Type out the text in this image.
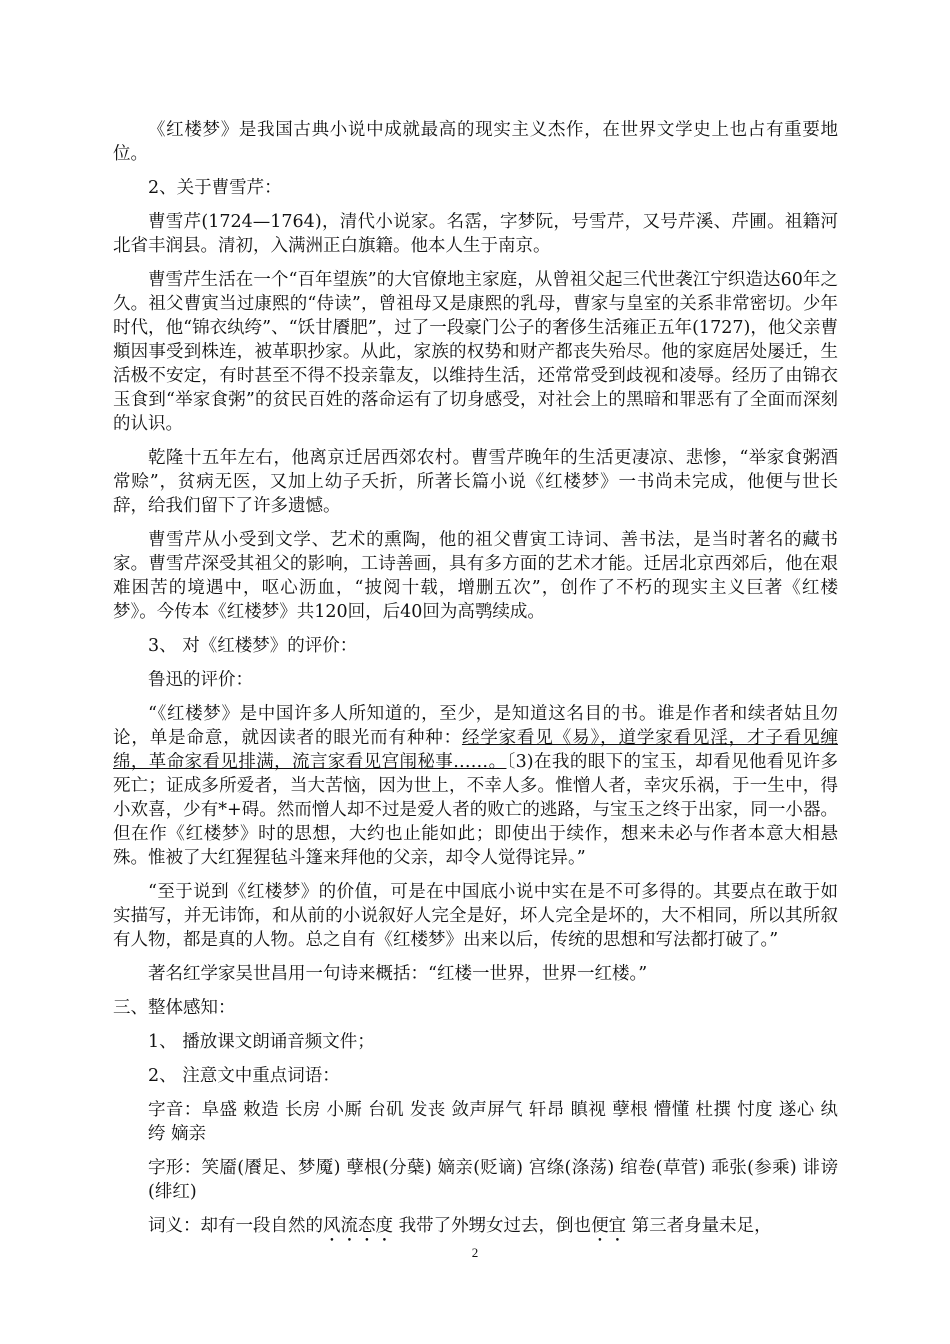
《红楼梦》是我国古典小说中成就最高的现实主义杰作，在世界文学史上也占有重要地位。

2、关于曹雪芹：

曹雪芹(1724—1764)，清代小说家。名霑，字梦阮，号雪芹，又号芹溪、芹圃。祖籍河北省丰润县。清初，入满洲正白旗籍。他本人生于南京。

曹雪芹生活在一个“百年望族”的大官僚地主家庭，从曾祖父起三代世袭江宁织造达60年之久。祖父曹寅当过康熙的“侍读”，曾祖母又是康熙的乳母，曹家与皇室的关系非常密切。少年时代，他“锦衣纨绔”、“饫甘餍肥”，过了一段豪门公子的奢侈生活雍正五年(1727)，他父亲曹頫因事受到株连，被革职抄家。从此，家族的权势和财产都丧失殆尽。他的家庭居处屡迁，生活极不安定，有时甚至不得不投亲靠友，以维持生活，还常常受到歧视和凌辱。经历了由锦衣玉食到“举家食粥”的贫民百姓的落命运有了切身感受，对社会上的黑暗和罪恶有了全面而深刻的认识。

乾隆十五年左右，他离京迁居西郊农村。曹雪芹晚年的生活更凄凉、悲惨，“举家食粥酒常赊”，贫病无医，又加上幼子夭折，所著长篇小说《红楼梦》一书尚未完成，他便与世长辞，给我们留下了许多遗憾。

曹雪芹从小受到文学、艺术的熏陶，他的祖父曹寅工诗词、善书法，是当时著名的藏书家。曹雪芹深受其祖父的影响，工诗善画，具有多方面的艺术才能。迁居北京西郊后，他在艰难困苦的境遇中，呕心沥血，“披阅十载，增删五次”，创作了不朽的现实主义巨著《红楼梦》。今传本《红楼梦》共120回，后40回为高鹗续成。

3、 对《红楼梦》的评价：

鲁迅的评价：

“《红楼梦》是中国许多人所知道的，至少，是知道这名目的书。谁是作者和续者姑且勿论，单是命意，就因读者的眼光而有种种：经学家看见《易》，道学家看见淫，才子看见缠绵，革命家看见排满，流言家看见宫闱秘事……。〔3)在我的眼下的宝玉，却看见他看见许多死亡；证成多所爱者，当大苦恼，因为世上，不幸人多。惟憎人者，幸灾乐祸，于一生中，得小欢喜，少有*+碍。然而憎人却不过是爱人者的败亡的逃路，与宝玉之终于出家，同一小器。但在作《红楼梦》时的思想，大约也止能如此；即使出于续作，想来未必与作者本意大相悬殊。惟被了大红猩猩毡斗篷来拜他的父亲，却令人觉得诧异。”

“至于说到《红楼梦》的价值，可是在中国底小说中实在是不可多得的。其要点在敢于如实描写，并无讳饰，和从前的小说叙好人完全是好，坏人完全是坏的，大不相同，所以其所叙有人物，都是真的人物。总之自有《红楼梦》出来以后，传统的思想和写法都打破了。”

著名红学家吴世昌用一句诗来概括：“红楼一世界，世界一红楼。”

三、整体感知：

1、 播放课文朗诵音频文件；

2、 注意文中重点词语：

字音：阜盛 敕造 长房 小厮 台矶 发丧 敛声屏气 轩昂 瞋视 孽根 懵懂 杜撰 忖度 遂心 纨绔 嫡亲

字形：笑靥(餍足、梦魇) 孽根(分蘖) 嫡亲(贬谪) 宫绦(涤荡) 绾卷(草菅) 乖张(参乘) 诽谤(绯红)

词义：却有一段自然的风流态度 我带了外甥女过去，倒也便宜 第三者身量未足，

2
